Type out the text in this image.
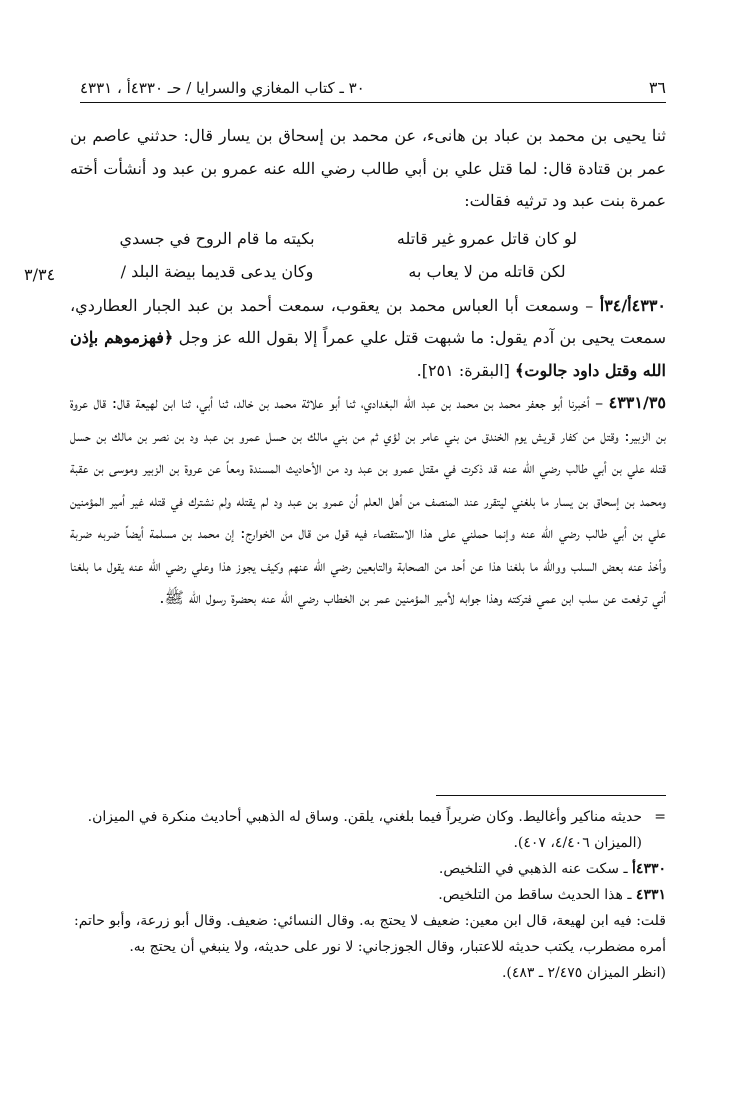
٣٦
٣٠ ـ كتاب المغازي والسرايا / حـ ٤٣٣٠أ ، ٤٣٣١
٣/٣٤

ثنا يحيى بن محمد بن عباد بن هانىء، عن محمد بن إسحاق بن يسار قال: حدثني عاصم بن عمر بن قتادة قال: لما قتل علي بن أبي طالب رضي الله عنه عمرو بن عبد ود أنشأت أخته عمرة بنت عبد ود ترثيه فقالت:

لو كان قاتل عمرو غير قاتله
بكيته ما قام الروح في جسدي
لكن قاتله من لا يعاب به
وكان يدعى قديما بيضة البلد /

٤٣٣٠أ/٣٤أ – وسمعت أبا العباس محمد بن يعقوب، سمعت أحمد بن عبد الجبار العطاردي، سمعت يحيى بن آدم يقول: ما شبهت قتل علي عمراً إلا بقول الله عز وجل ﴿فهزموهم بإذن الله وقتل داود جالوت﴾ [البقرة: ٢٥١].

٤٣٣١/٣٥ – أخبرنا أبو جعفر محمد بن محمد بن عبد الله البغدادي، ثنا أبو علاثة محمد بن خالد، ثنا أبي، ثنا ابن لهيعة قال: قال عروة بن الزبير: وقتل من كفار قريش يوم الخندق من بني عامر بن لؤي ثم من بني مالك بن حسل عمرو بن عبد ود بن نصر بن مالك بن حسل قتله علي بن أبي طالب رضي الله عنه قد ذكرت في مقتل عمرو بن عبد ود من الأحاديث المسندة ومعاً عن عروة بن الزبير وموسى بن عقبة ومحمد بن إسحاق بن يسار ما بلغني ليتقرر عند المنصف من أهل العلم أن عمرو بن عبد ود لم يقتله ولم نشترك في قتله غير أمير المؤمنين علي بن أبي طالب رضي الله عنه وإنما حملني على هذا الاستقصاء فيه قول من قال من الخوارج: إن محمد بن مسلمة أيضاً ضربه ضربة وأخذ عنه بعض السلب ووالله ما بلغنا هذا عن أحد من الصحابة والتابعين رضي الله عنهم وكيف يجوز هذا وعلي رضي الله عنه يقول ما بلغنا أني ترفعت عن سلب ابن عمي فتركته وهذا جوابه لأمير المؤمنين عمر بن الخطاب رضي الله عنه بحضرة رسول الله ﷺ.

=حديثه مناكير وأغاليط. وكان ضريراً فيما بلغني، يلقن. وساق له الذهبي أحاديث منكرة في الميزان.

(الميزان ٤/٤٠٦، ٤٠٧).

٤٣٣٠أ ـ سكت عنه الذهبي في التلخيص.

٤٣٣١ ـ هذا الحديث ساقط من التلخيص.

قلت: فيه ابن لهيعة، قال ابن معين: ضعيف لا يحتج به. وقال النسائي: ضعيف. وقال أبو زرعة، وأبو حاتم: أمره مضطرب، يكتب حديثه للاعتبار، وقال الجوزجاني: لا نور على حديثه، ولا ينبغي أن يحتج به.

(انظر الميزان ٢/٤٧٥ ـ ٤٨٣).
